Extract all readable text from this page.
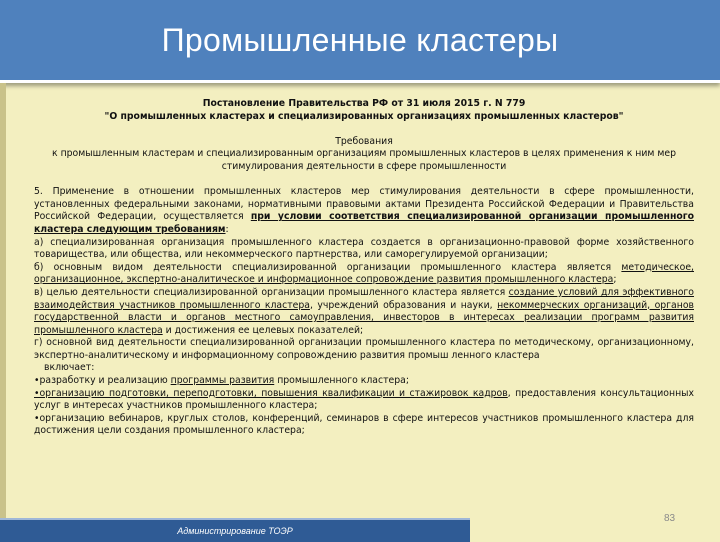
Промышленные кластеры

Постановление Правительства РФ от 31 июля 2015 г. N 779

"О промышленных кластерах и специализированных организациях промышленных кластеров"

Требования

к промышленным кластерам и специализированным организациям промышленных кластеров в целях применения к ним мер стимулирования деятельности в сфере промышленности

5. Применение в отношении промышленных кластеров мер стимулирования деятельности в сфере промышленности, установленных федеральными законами, нормативными правовыми актами Президента Российской Федерации и Правительства Российской Федерации, осуществляется при условии соответствия специализированной организации промышленного кластера следующим требованиям:

а) специализированная организация промышленного кластера создается в организационно-правовой форме хозяйственного товарищества, или общества, или некоммерческого партнерства, или саморегулируемой организации;

б) основным видом деятельности специализированной организации промышленного кластера является методическое, организационное, экспертно-аналитическое и информационное сопровождение развития промышленного кластера;

в) целью деятельности специализированной организации промышленного кластера является создание условий для эффективного взаимодействия участников промышленного кластера, учреждений образования и науки, некоммерческих организаций, органов государственной власти и органов местного самоуправления, инвесторов в интересах реализации программ развития промышленного кластера и достижения ее целевых показателей;

г) основной вид деятельности специализированной организации промышленного кластера по методическому, организационному, экспертно-аналитическому и информационному сопровождению развития промыш ленного кластера

включает:

•разработку и реализацию программы развития промышленного кластера;

•организацию подготовки, переподготовки, повышения квалификации и стажировок кадров, предоставления консультационных услуг в интересах участников промышленного кластера;

•организацию вебинаров, круглых столов, конференций, семинаров в сфере интересов участников промышленного кластера для достижения цели создания промышленного кластера;

Администрирование ТОЭР
83
